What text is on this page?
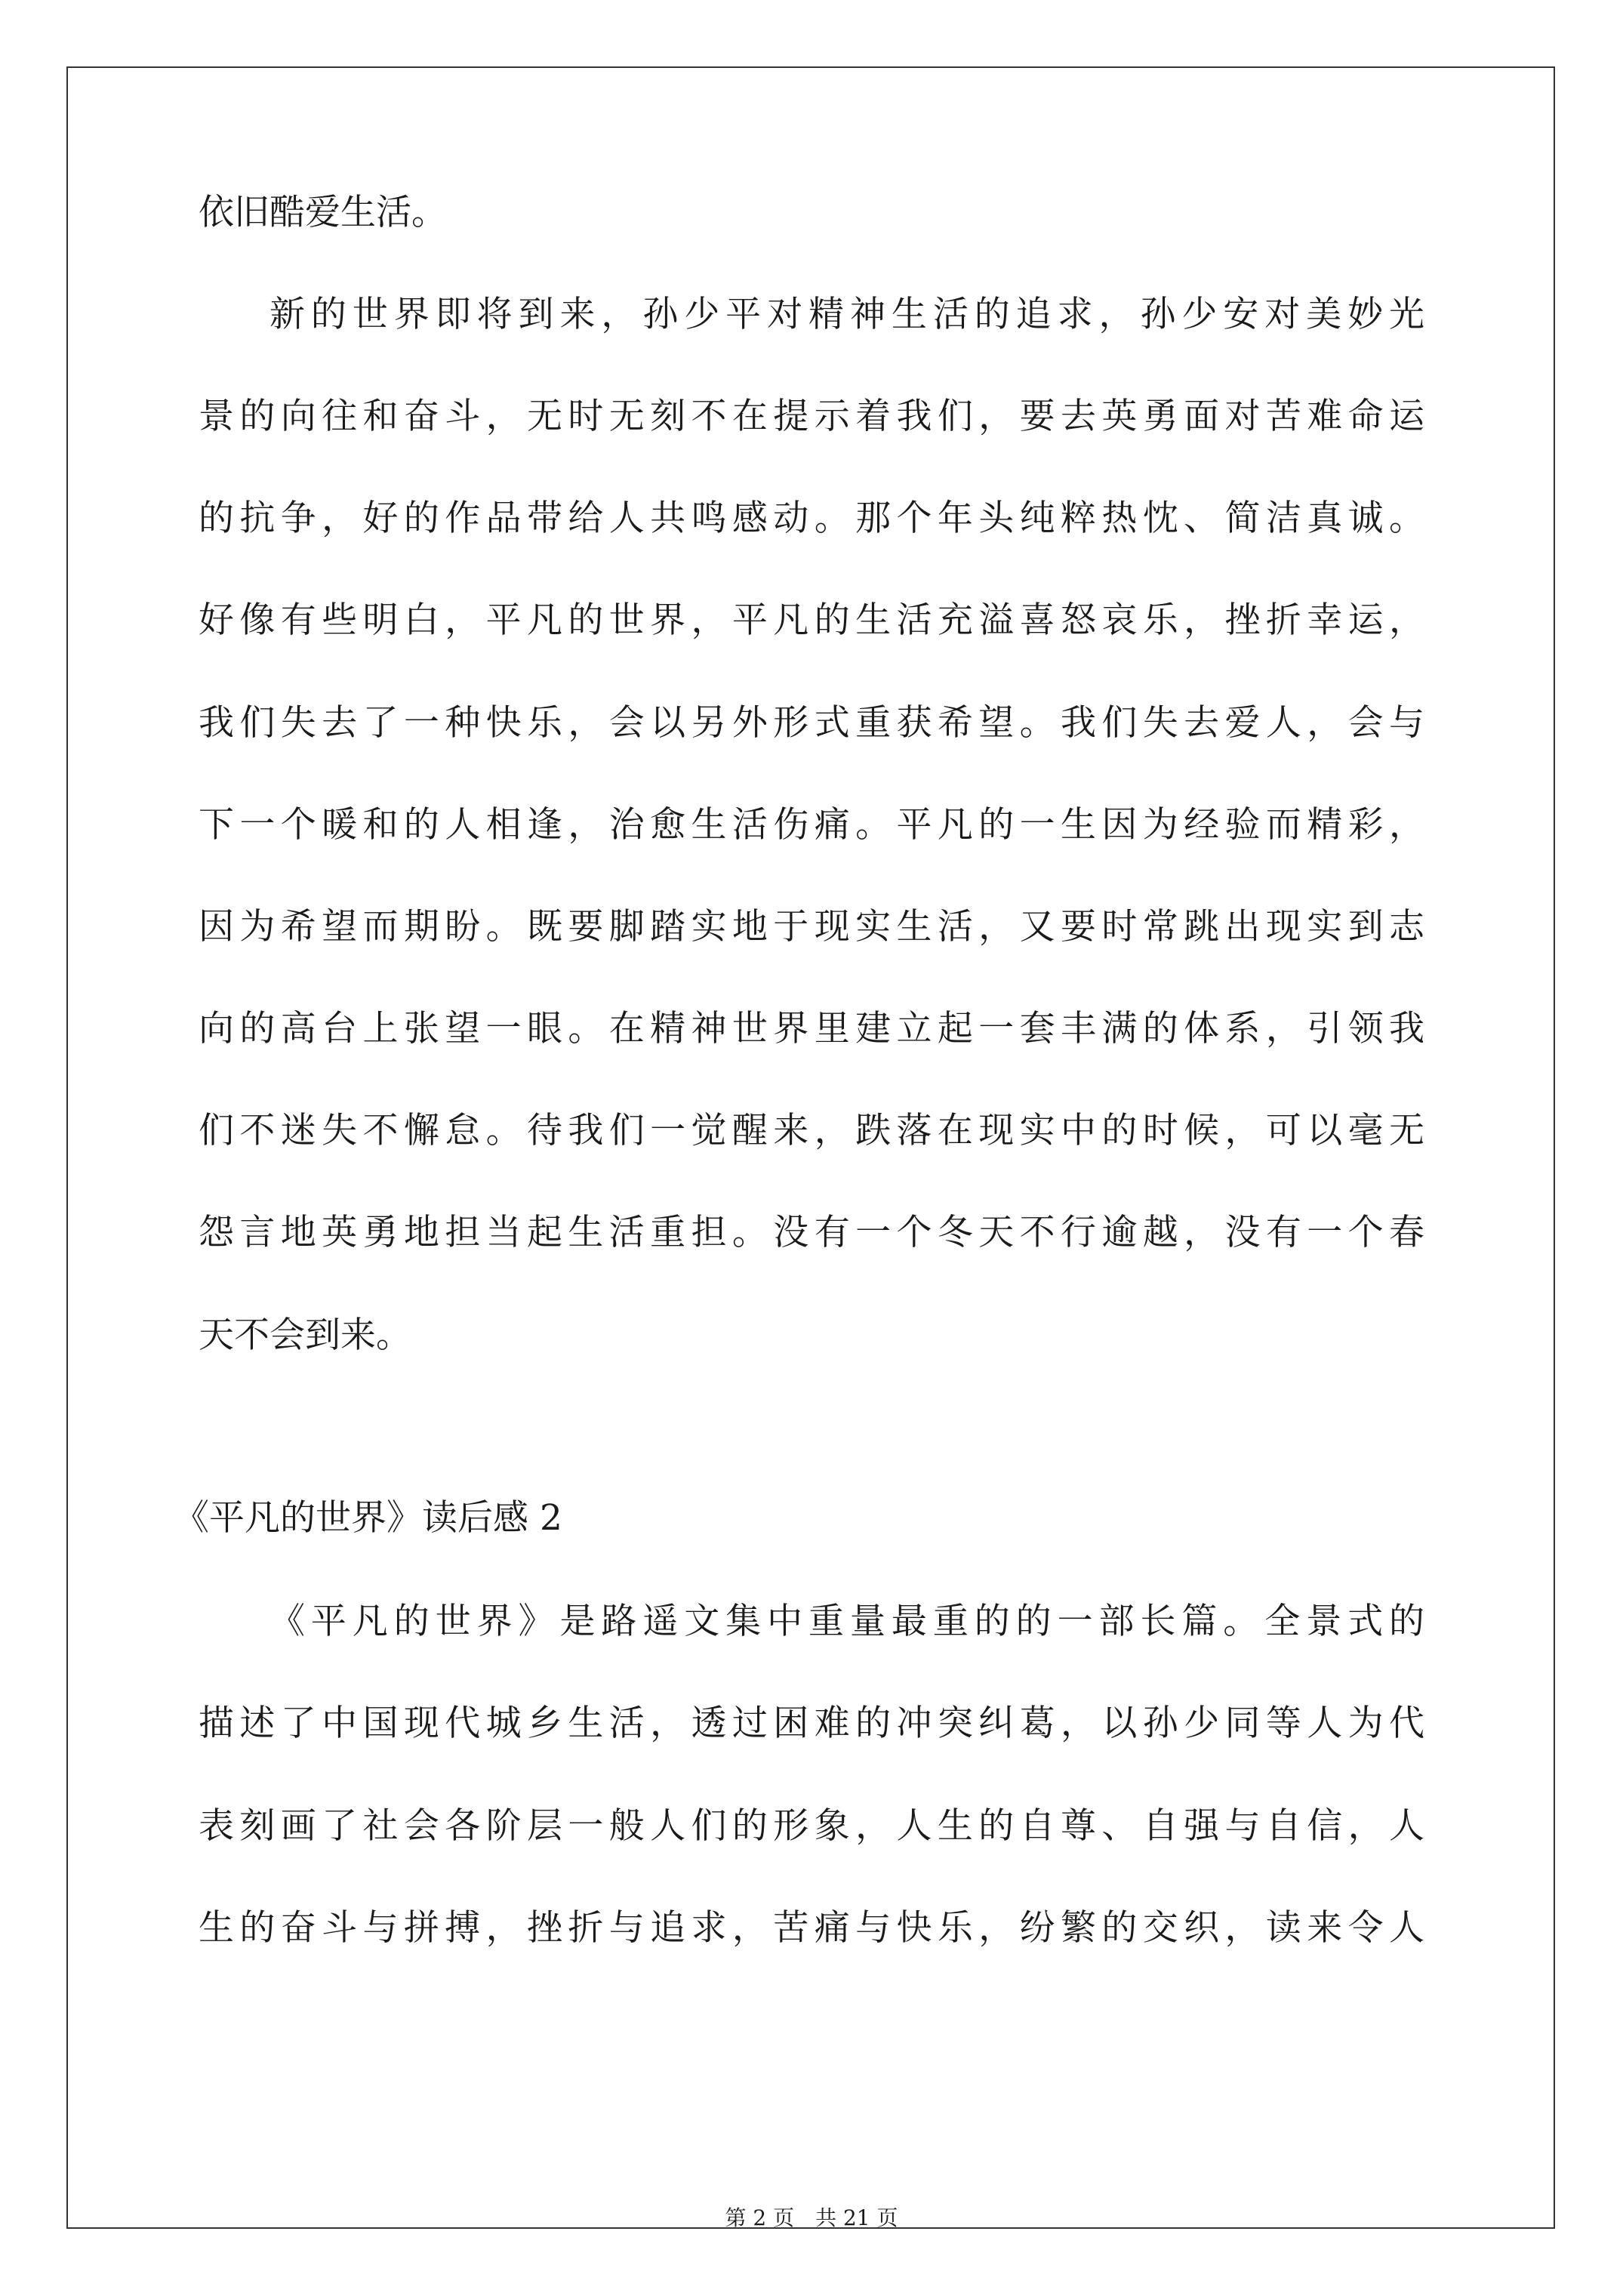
依旧酷爱生活。
新的世界即将到来，孙少平对精神生活的追求，孙少安对美妙光
景的向往和奋斗，无时无刻不在提示着我们，要去英勇面对苦难命运
的抗争，好的作品带给人共鸣感动。那个年头纯粹热忱、简洁真诚。
好像有些明白，平凡的世界，平凡的生活充溢喜怒哀乐，挫折幸运，
我们失去了一种快乐，会以另外形式重获希望。我们失去爱人，会与
下一个暖和的人相逢，治愈生活伤痛。平凡的一生因为经验而精彩，
因为希望而期盼。既要脚踏实地于现实生活，又要时常跳出现实到志
向的高台上张望一眼。在精神世界里建立起一套丰满的体系，引领我
们不迷失不懈怠。待我们一觉醒来，跌落在现实中的时候，可以毫无
怨言地英勇地担当起生活重担。没有一个冬天不行逾越，没有一个春
天不会到来。
《平凡的世界》是路遥文集中重量最重的的一部长篇。全景式的
描述了中国现代城乡生活，透过困难的冲突纠葛，以孙少同等人为代
表刻画了社会各阶层一般人们的形象，人生的自尊、自强与自信，人
生的奋斗与拼搏，挫折与追求，苦痛与快乐，纷繁的交织，读来令人
《平凡的世界》读后感 2
第 2 页　共 21 页
